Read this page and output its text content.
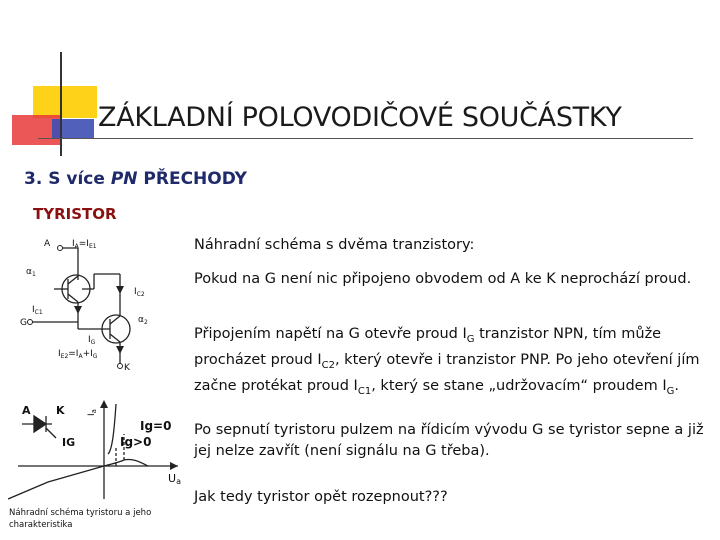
ZÁKLADNÍ POLOVODIČOVÉ SOUČÁSTKY
3. S více PN PŘECHODY
TYRISTOR
A $I_A=I_{E1}$
$\alpha_1$
$I_{C2}$
$I_{C1}$
G	$\alpha_2$
$I_G$
$I_{E2}=I_A+I_G$
K
A K
IG
$I_a$
Ig>0
Ig=0
Ua
Náhradní schéma tyristoru a jeho charakteristika
Náhradní schéma s dvěma tranzistory:
Pokud na G není nic připojeno obvodem od A ke K neprochází proud.
Připojením napětí na G otevře proud $I_G$ tranzistor NPN, tím může procházet proud $I_{C2}$, který otevře i tranzistor PNP. Po jeho otevření jím začne protékat proud $I_{C1}$, který se stane „udržovacím“ proudem $I_G$.
Po sepnutí tyristoru pulzem na řídicím vývodu G se tyristor sepne a již jej nelze zavřít (není signálu na G třeba).
Jak tedy tyristor opět rozepnout???
